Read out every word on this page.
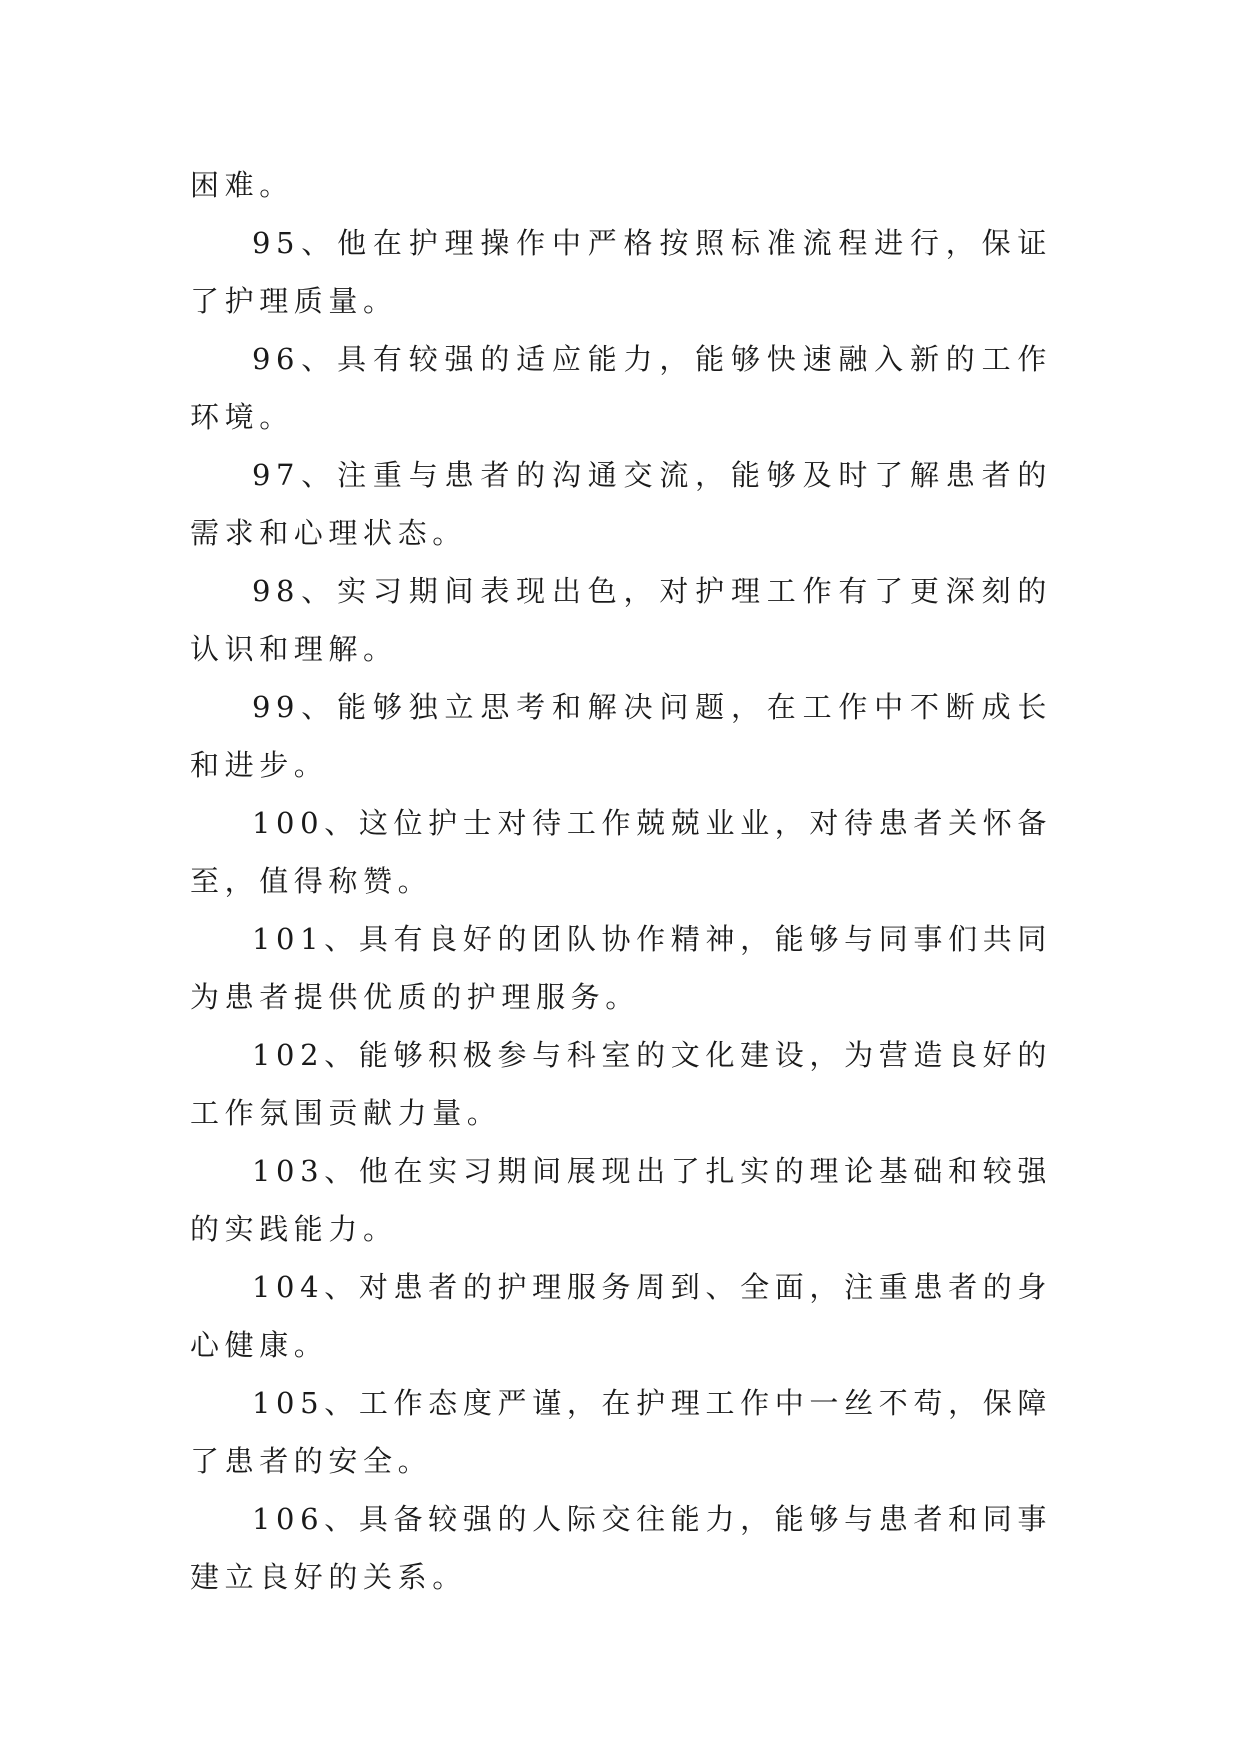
困难。

95、他在护理操作中严格按照标准流程进行，保证了护理质量。

96、具有较强的适应能力，能够快速融入新的工作环境。

97、注重与患者的沟通交流，能够及时了解患者的需求和心理状态。

98、实习期间表现出色，对护理工作有了更深刻的认识和理解。

99、能够独立思考和解决问题，在工作中不断成长和进步。

100、这位护士对待工作兢兢业业，对待患者关怀备至，值得称赞。

101、具有良好的团队协作精神，能够与同事们共同为患者提供优质的护理服务。

102、能够积极参与科室的文化建设，为营造良好的工作氛围贡献力量。

103、他在实习期间展现出了扎实的理论基础和较强的实践能力。

104、对患者的护理服务周到、全面，注重患者的身心健康。

105、工作态度严谨，在护理工作中一丝不苟，保障了患者的安全。

106、具备较强的人际交往能力，能够与患者和同事建立良好的关系。
